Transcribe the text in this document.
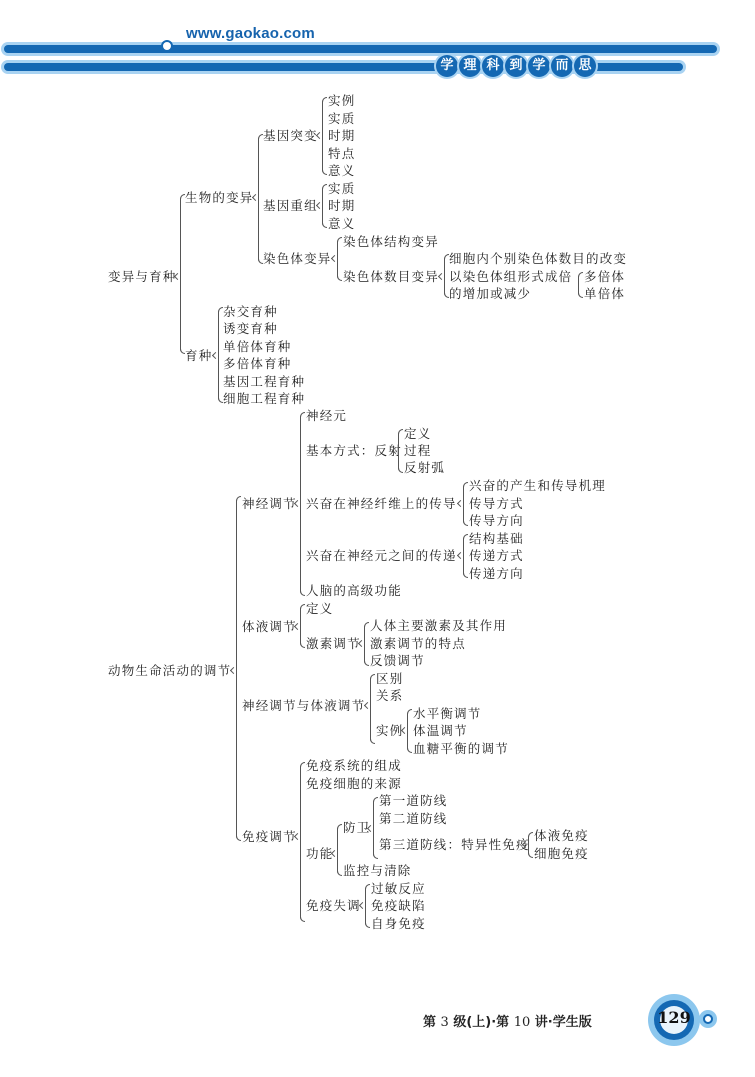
www.gaokao.com
学 理 科 到 学 而 思
变异与育种
生物的变异
基因突变
实例
实质
时期
特点
意义
基因重组
实质
时期
意义
染色体变异
染色体结构变异
染色体数目变异
细胞内个别染色体数目的改变
以染色体组形式成倍
的增加或减少
多倍体
单倍体
育种
杂交育种
诱变育种
单倍体育种
多倍体育种
基因工程育种
细胞工程育种
动物生命活动的调节
神经调节
神经元
基本方式：反射
定义
过程
反射弧
兴奋在神经纤维上的传导
兴奋的产生和传导机理
传导方式
传导方向
兴奋在神经元之间的传递
结构基础
传递方式
传递方向
人脑的高级功能
体液调节
定义
激素调节
人体主要激素及其作用
激素调节的特点
反馈调节
神经调节与体液调节
区别
关系
实例
水平衡调节
体温调节
血糖平衡的调节
免疫调节
免疫系统的组成
免疫细胞的来源
功能
防卫
第一道防线
第二道防线
第三道防线：特异性免疫
体液免疫
细胞免疫
监控与清除
免疫失调
过敏反应
免疫缺陷
自身免疫
第 3 级(上)·第 10 讲·学生版	129
